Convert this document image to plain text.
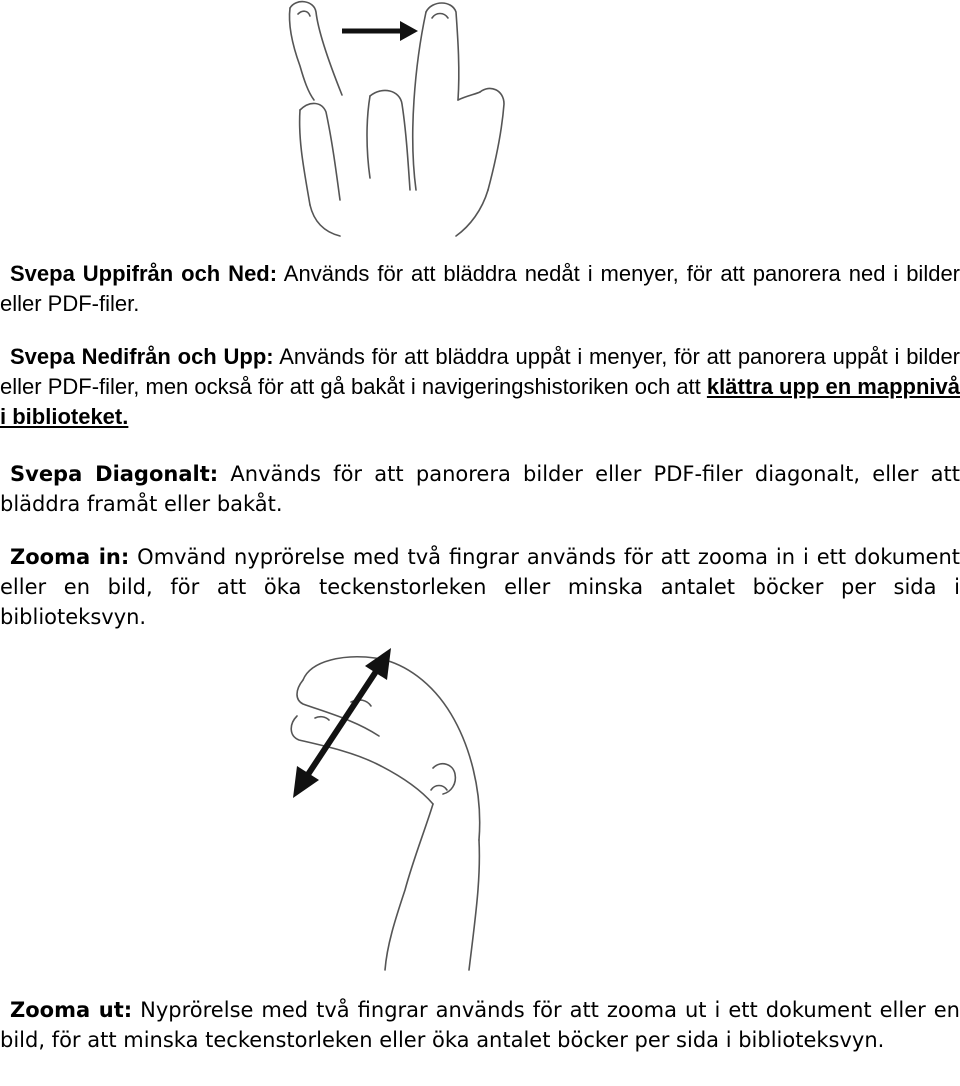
Svepa Uppifrån och Ned: Används för att bläddra nedåt i menyer, för att panorera ned i bilder eller PDF-filer.

Svepa Nedifrån och Upp: Används för att bläddra uppåt i menyer, för att panorera uppåt i bilder eller PDF-filer, men också för att gå bakåt i navigeringshistoriken och att klättra upp en mappnivå i biblioteket.

Svepa Diagonalt: Används för att panorera bilder eller PDF-filer diagonalt, eller att bläddra framåt eller bakåt.

Zooma in: Omvänd nyprörelse med två fingrar används för att zooma in i ett dokument eller en bild, för att öka teckenstorleken eller minska antalet böcker per sida i biblioteksvyn.

Zooma ut: Nyprörelse med två fingrar används för att zooma ut i ett dokument eller en bild, för att minska teckenstorleken eller öka antalet böcker per sida i biblioteksvyn.
